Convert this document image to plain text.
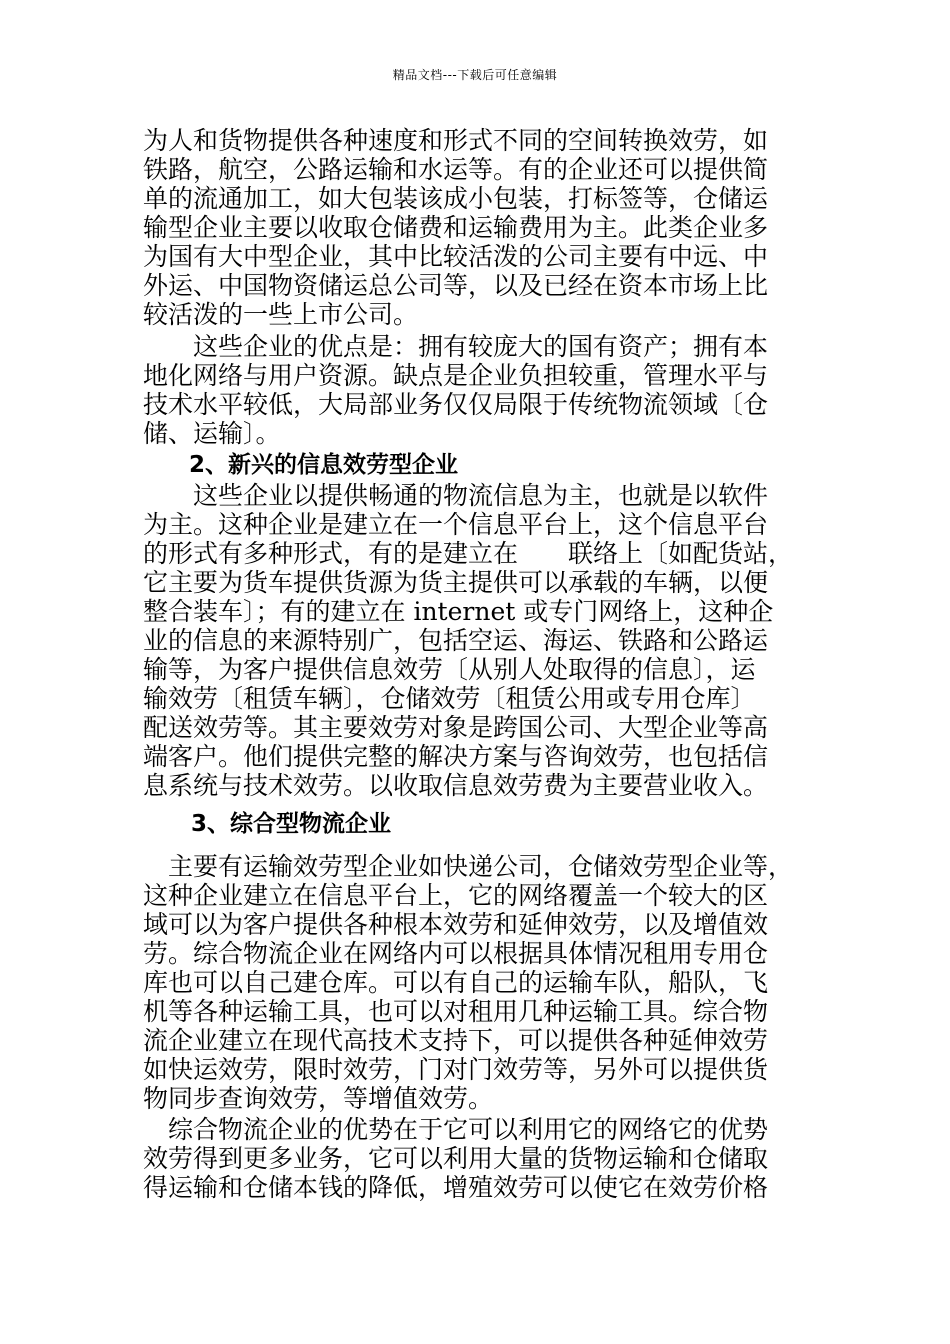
精品文档---下载后可任意编辑
为人和货物提供各种速度和形式不同的空间转换效劳，如
铁路，航空，公路运输和水运等。有的企业还可以提供简
单的流通加工，如大包装该成小包装，打标签等，仓储运
输型企业主要以收取仓储费和运输费用为主。此类企业多
为国有大中型企业，其中比较活泼的公司主要有中远、中
外运、中国物资储运总公司等，以及已经在资本市场上比
较活泼的一些上市公司。
　　这些企业的优点是：拥有较庞大的国有资产；拥有本
地化网络与用户资源。缺点是企业负担较重，管理水平与
技术水平较低，大局部业务仅仅局限于传统物流领域〔仓
储、运输〕。
2、新兴的信息效劳型企业
　　这些企业以提供畅通的物流信息为主，也就是以软件
为主。这种企业是建立在一个信息平台上，这个信息平台
的形式有多种形式，有的是建立在　　联络上〔如配货站，
它主要为货车提供货源为货主提供可以承载的车辆，以便
整合装车〕；有的建立在 internet 或专门网络上，这种企
业的信息的来源特别广，包括空运、海运、铁路和公路运
输等，为客户提供信息效劳〔从别人处取得的信息〕，运
输效劳〔租赁车辆〕，仓储效劳〔租赁公用或专用仓库〕
配送效劳等。其主要效劳对象是跨国公司、大型企业等高
端客户。他们提供完整的解决方案与咨询效劳，也包括信
息系统与技术效劳。以收取信息效劳费为主要营业收入。
3、综合型物流企业
　主要有运输效劳型企业如快递公司，仓储效劳型企业等，
这种企业建立在信息平台上，它的网络覆盖一个较大的区
域可以为客户提供各种根本效劳和延伸效劳，以及增值效
劳。综合物流企业在网络内可以根据具体情况租用专用仓
库也可以自己建仓库。可以有自己的运输车队，船队，飞
机等各种运输工具，也可以对租用几种运输工具。综合物
流企业建立在现代高技术支持下，可以提供各种延伸效劳
如快运效劳，限时效劳，门对门效劳等，另外可以提供货
物同步查询效劳，等增值效劳。
　综合物流企业的优势在于它可以利用它的网络它的优势
效劳得到更多业务，它可以利用大量的货物运输和仓储取
得运输和仓储本钱的降低，增殖效劳可以使它在效劳价格
